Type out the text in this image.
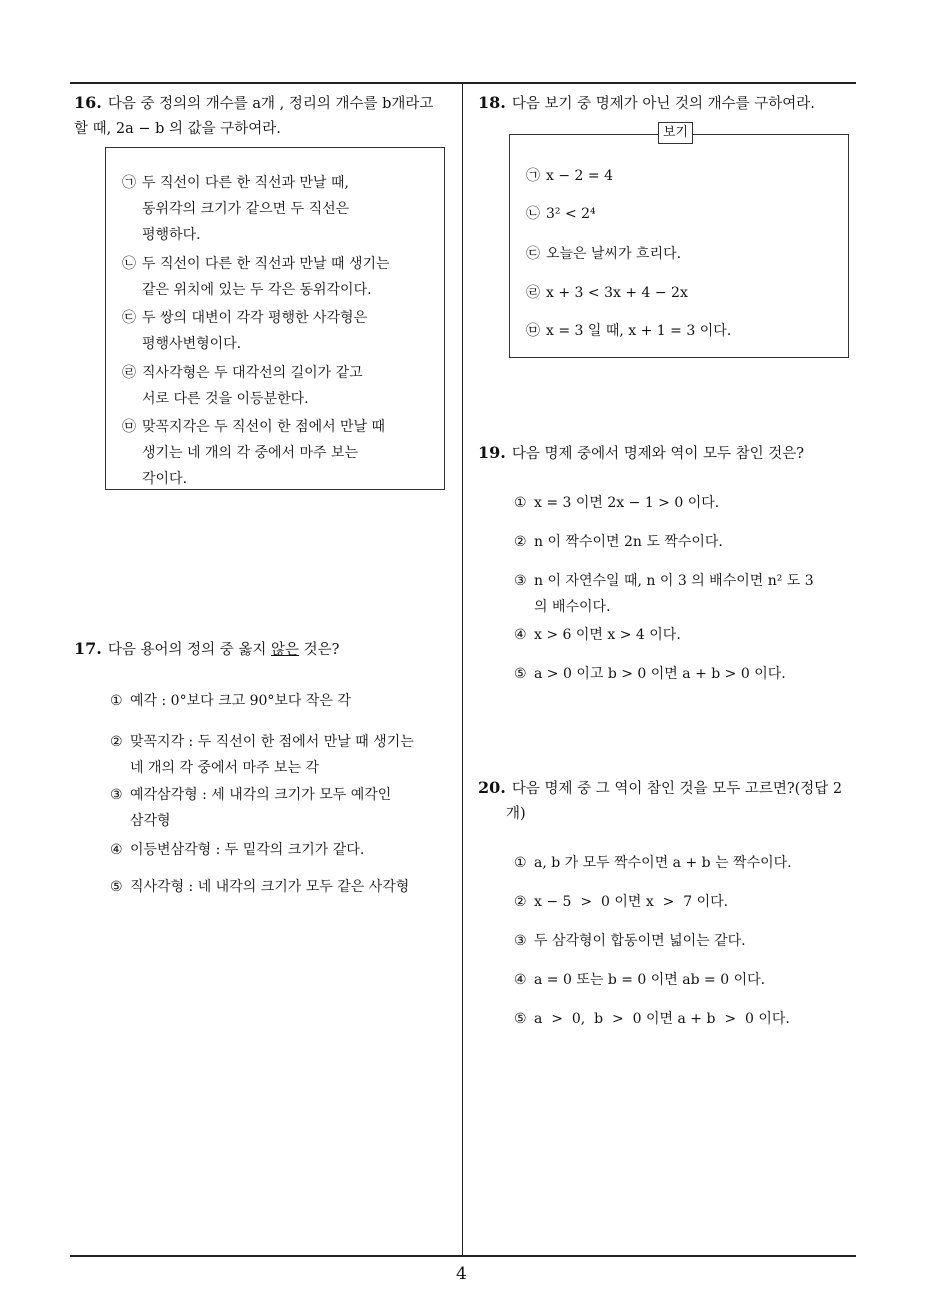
16. 다음 중 정의의 개수를 a개 , 정리의 개수를 b개라고
할 때, 2a − b 의 값을 구하여라.
㉠ 두 직선이 다른 한 직선과 만날 때,
동위각의 크기가 같으면 두 직선은
평행하다.
㉡ 두 직선이 다른 한 직선과 만날 때 생기는
같은 위치에 있는 두 각은 동위각이다.
㉢ 두 쌍의 대변이 각각 평행한 사각형은
평행사변형이다.
㉣ 직사각형은 두 대각선의 길이가 같고
서로 다른 것을 이등분한다.
㉤ 맞꼭지각은 두 직선이 한 점에서 만날 때
생기는 네 개의 각 중에서 마주 보는
각이다.
17. 다음 용어의 정의 중 옳지 않은 것은?
① 예각 : 0°보다 크고 90°보다 작은 각
② 맞꼭지각 : 두 직선이 한 점에서 만날 때 생기는
네 개의 각 중에서 마주 보는 각
③ 예각삼각형 : 세 내각의 크기가 모두 예각인
삼각형
④ 이등변삼각형 : 두 밑각의 크기가 같다.
⑤ 직사각형 : 네 내각의 크기가 모두 같은 사각형
18. 다음 보기 중 명제가 아닌 것의 개수를 구하여라.
보기
㉠ x − 2 = 4
㉡ 3² < 2⁴
㉢ 오늘은 날씨가 흐리다.
㉣ x + 3 < 3x + 4 − 2x
㉤ x = 3 일 때, x + 1 = 3 이다.
19. 다음 명제 중에서 명제와 역이 모두 참인 것은?
① x = 3 이면 2x − 1 > 0 이다.
② n 이 짝수이면 2n 도 짝수이다.
③ n 이 자연수일 때, n 이 3 의 배수이면 n² 도 3
의 배수이다.
④ x > 6 이면 x > 4 이다.
⑤ a > 0 이고 b > 0 이면 a + b > 0 이다.
20. 다음 명제 중 그 역이 참인 것을 모두 고르면?(정답 2
개)
① a, b 가 모두 짝수이면 a + b 는 짝수이다.
② x − 5  >  0 이면 x  >  7 이다.
③ 두 삼각형이 합동이면 넓이는 같다.
④ a = 0 또는 b = 0 이면 ab = 0 이다.
⑤ a  >  0,  b  >  0 이면 a + b  >  0 이다.
4
